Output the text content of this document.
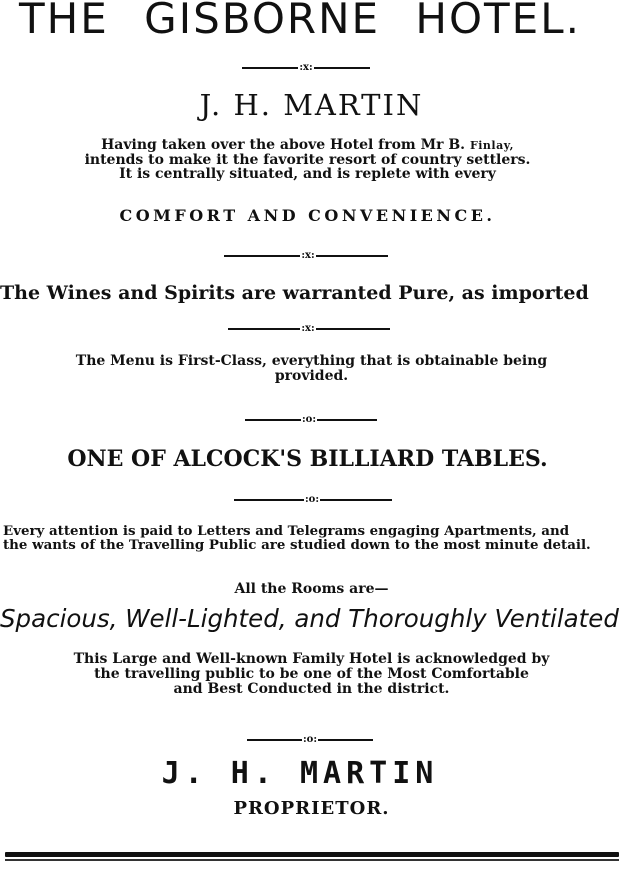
THE GISBORNE HOTEL.
:x:
J. H. MARTIN
Having taken over the above Hotel from Mr B. Finlay,
intends to make it the favorite resort of country settlers.
It is centrally situated, and is replete with every
COMFORT AND CONVENIENCE.
:x:
The Wines and Spirits are warranted Pure, as imported
:x:
The Menu is First-Class, everything that is obtainable being
provided.
:o:
ONE OF ALCOCK'S BILLIARD TABLES.
:o:
Every attention is paid to Letters and Telegrams engaging Apartments, and
the wants of the Travelling Public are studied down to the most minute detail.
All the Rooms are—
Spacious, Well-Lighted, and Thoroughly Ventilated
This Large and Well-known Family Hotel is acknowledged by
the travelling public to be one of the Most Comfortable
and Best Conducted in the district.
:o:
J. H. MARTIN
PROPRIETOR.
